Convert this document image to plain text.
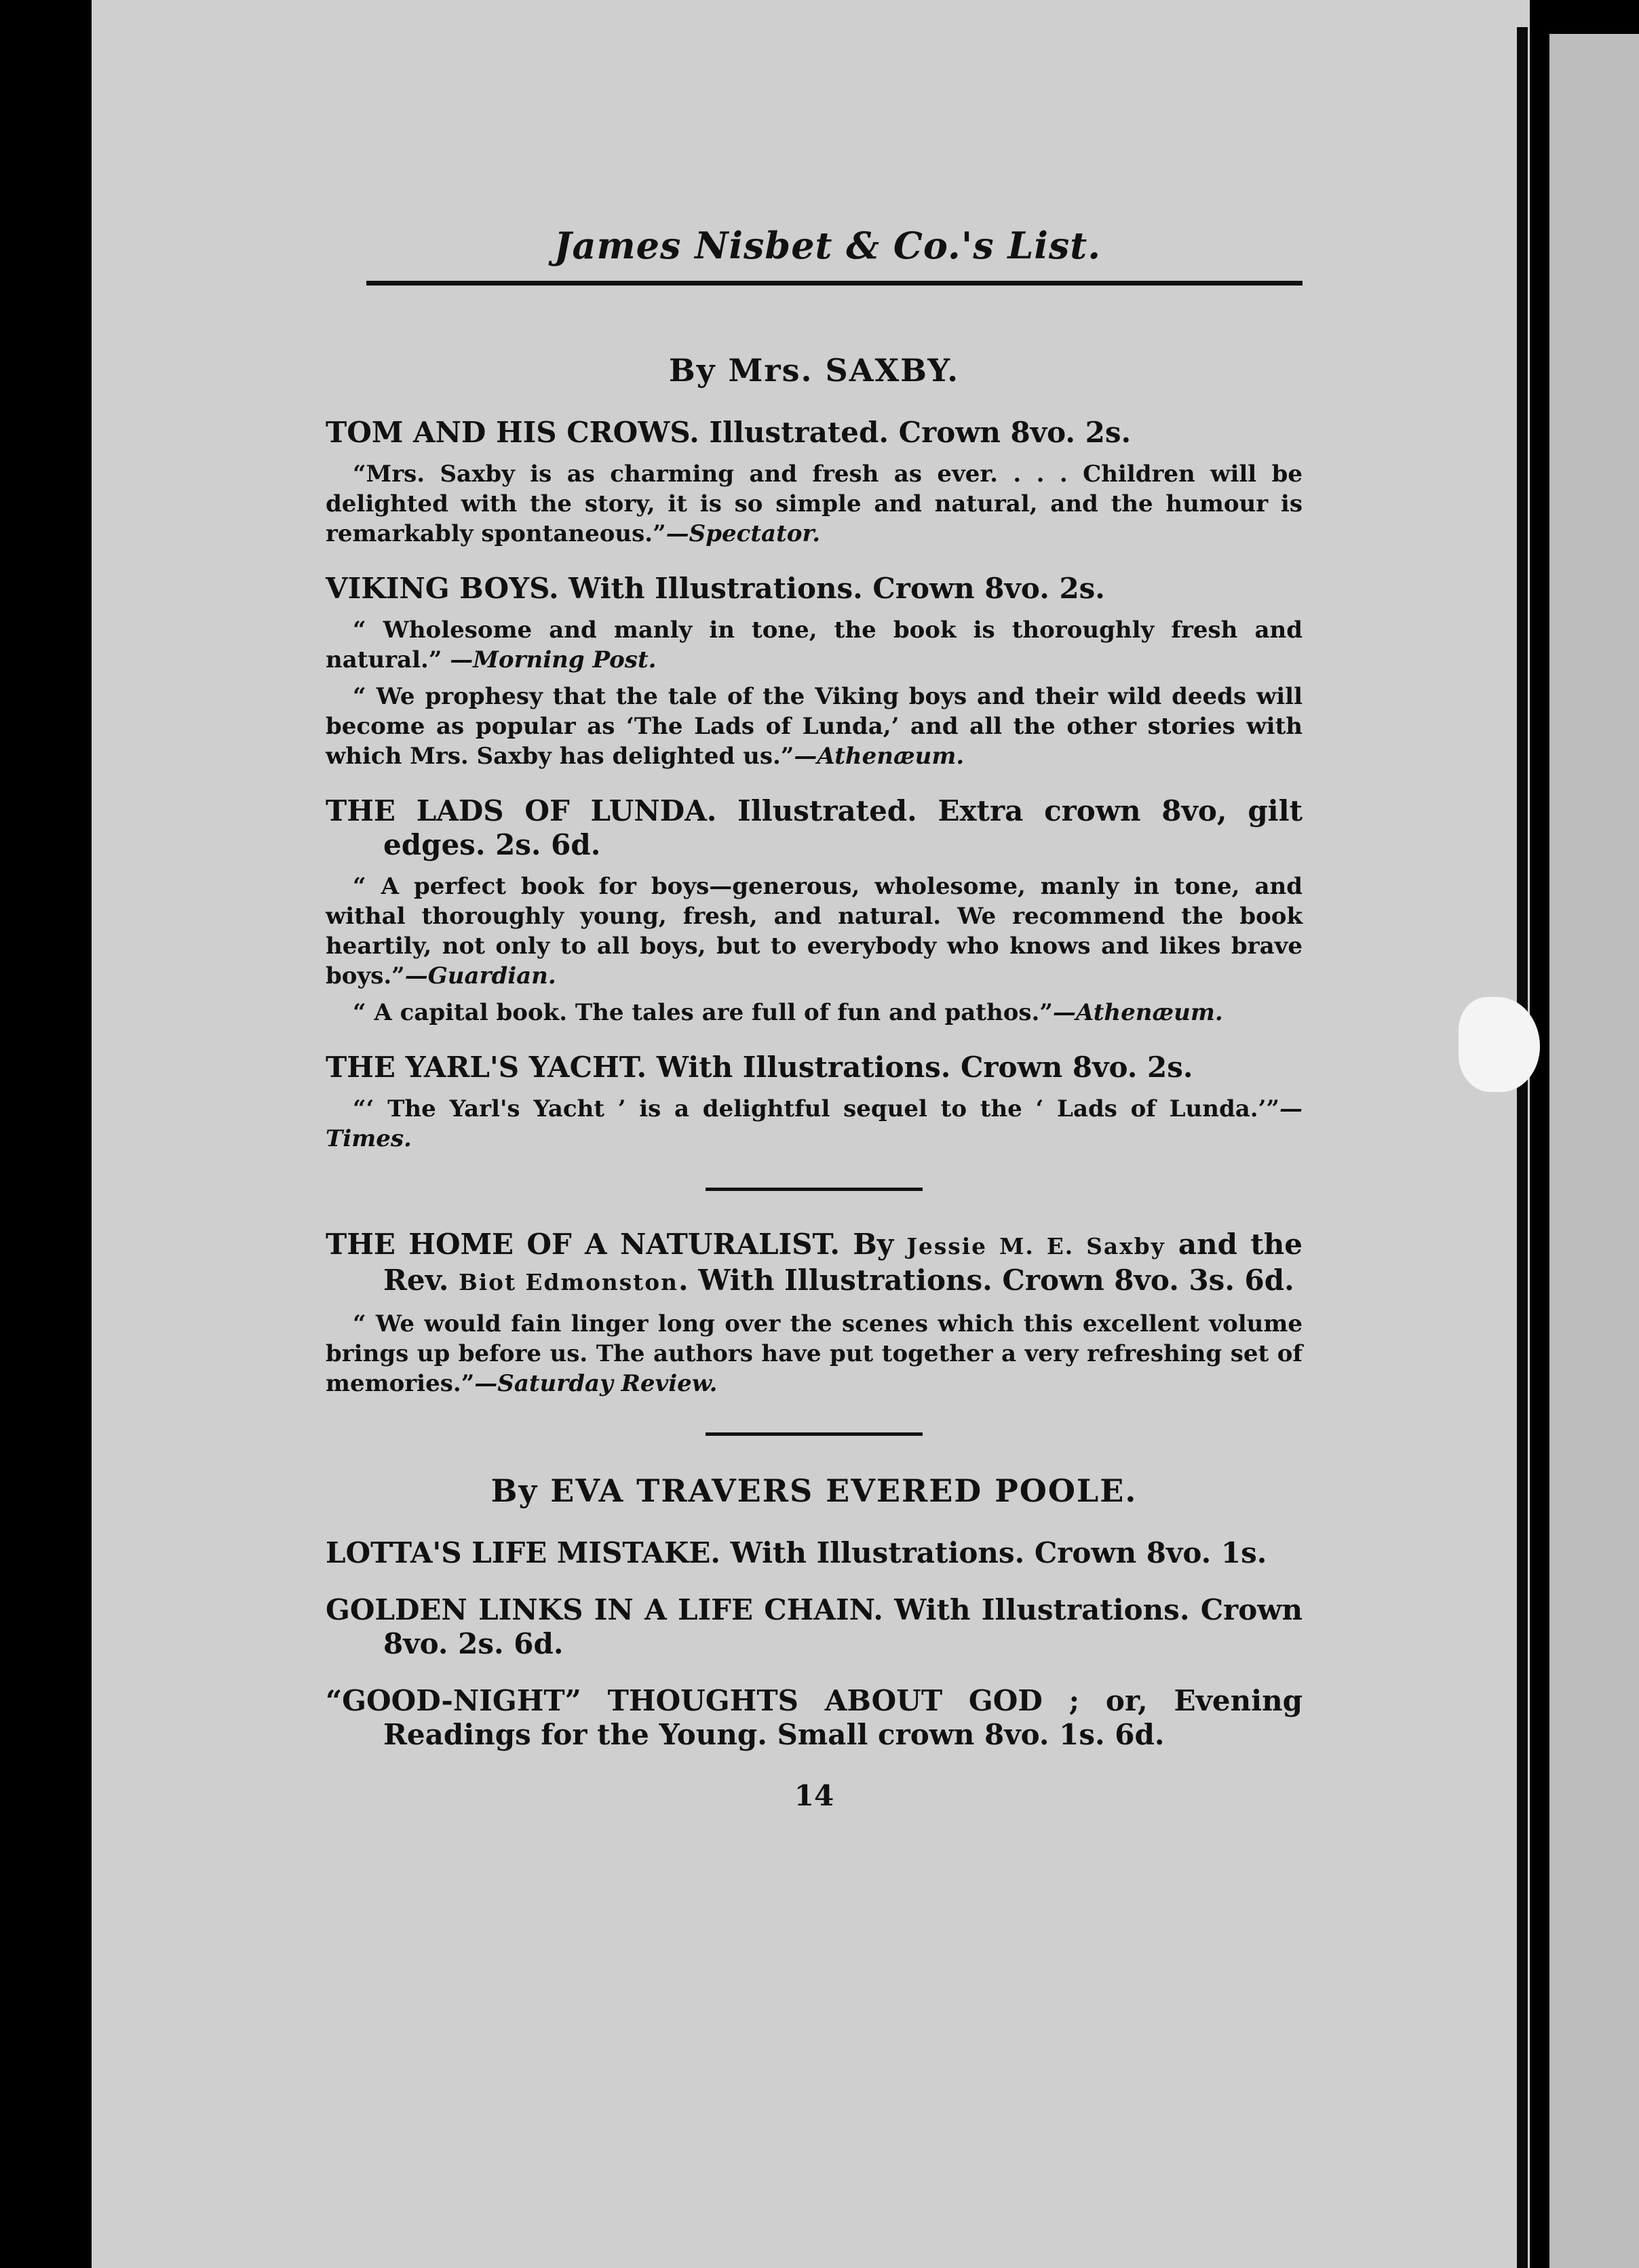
James Nisbet & Co.'s List.
By Mrs. SAXBY.
TOM AND HIS CROWS. Illustrated. Crown 8vo. 2s.
“Mrs. Saxby is as charming and fresh as ever. . . . Children will be delighted with the story, it is so simple and natural, and the humour is remarkably spontaneous.”—Spectator.
VIKING BOYS. With Illustrations. Crown 8vo. 2s.
“ Wholesome and manly in tone, the book is thoroughly fresh and natural.” —Morning Post.
“ We prophesy that the tale of the Viking boys and their wild deeds will become as popular as ‘The Lads of Lunda,’ and all the other stories with which Mrs. Saxby has delighted us.”—Athenæum.
THE LADS OF LUNDA. Illustrated. Extra crown 8vo, gilt edges. 2s. 6d.
“ A perfect book for boys—generous, wholesome, manly in tone, and withal thoroughly young, fresh, and natural. We recommend the book heartily, not only to all boys, but to everybody who knows and likes brave boys.”—Guardian.
“ A capital book. The tales are full of fun and pathos.”—Athenæum.
THE YARL'S YACHT. With Illustrations. Crown 8vo. 2s.
“‘ The Yarl's Yacht ’ is a delightful sequel to the ‘ Lads of Lunda.’”—Times.
THE HOME OF A NATURALIST. By Jessie M. E. Saxby and the Rev. Biot Edmonston. With Illustrations. Crown 8vo. 3s. 6d.
“ We would fain linger long over the scenes which this excellent volume brings up before us. The authors have put together a very refreshing set of memories.”—Saturday Review.
By EVA TRAVERS EVERED POOLE.
LOTTA'S LIFE MISTAKE. With Illustrations. Crown 8vo. 1s.
GOLDEN LINKS IN A LIFE CHAIN. With Illustrations. Crown 8vo. 2s. 6d.
“GOOD-NIGHT” THOUGHTS ABOUT GOD ; or, Evening Readings for the Young. Small crown 8vo. 1s. 6d.
14
